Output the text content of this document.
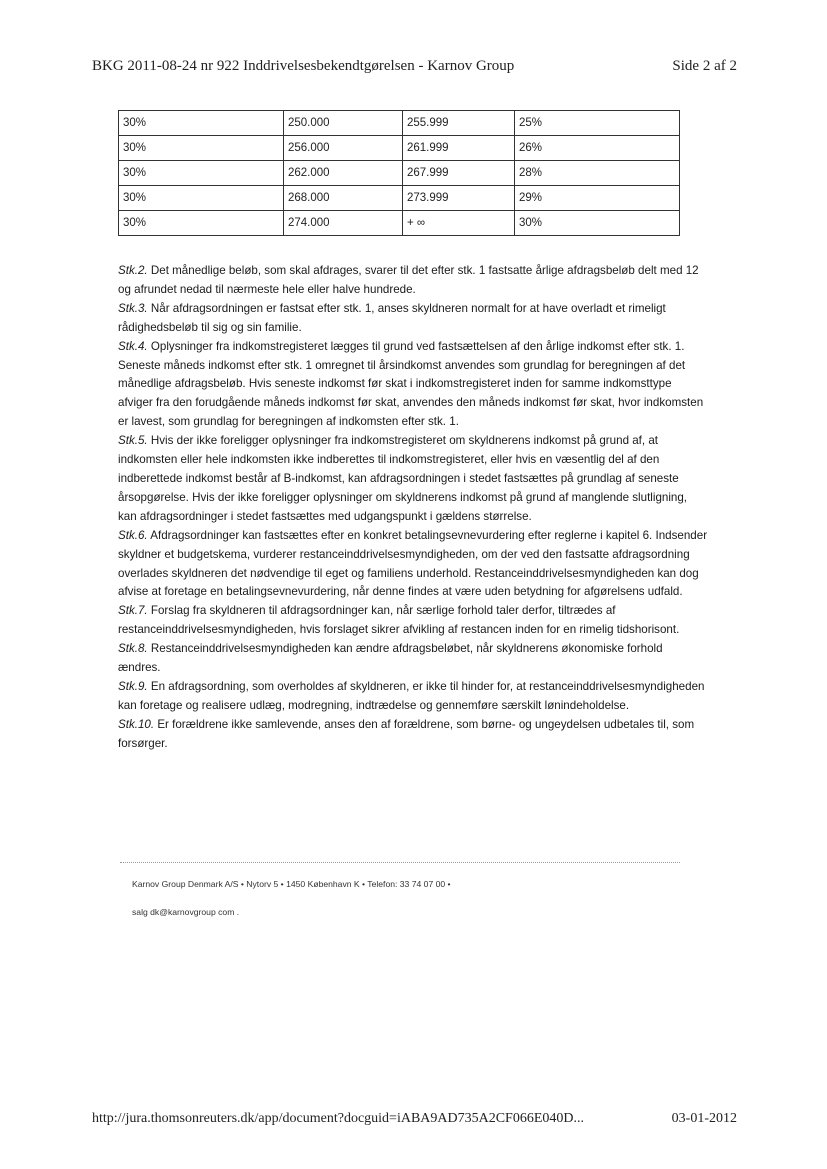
BKG 2011-08-24 nr 922 Inddrivelsesbekendtgørelsen - Karnov Group	Side 2 af 2
30%	250.000	255.999	25%
30%	256.000	261.999	26%
30%	262.000	267.999	28%
30%	268.000	273.999	29%
30%	274.000	+ ∞	30%

Stk.2. Det månedlige beløb, som skal afdrages, svarer til det efter stk. 1 fastsatte årlige afdragsbeløb delt med 12 og afrundet nedad til nærmeste hele eller halve hundrede.

Stk.3. Når afdragsordningen er fastsat efter stk. 1, anses skyldneren normalt for at have overladt et rimeligt rådighedsbeløb til sig og sin familie.

Stk.4. Oplysninger fra indkomstregisteret lægges til grund ved fastsættelsen af den årlige indkomst efter stk. 1. Seneste måneds indkomst efter stk. 1 omregnet til årsindkomst anvendes som grundlag for beregningen af det månedlige afdragsbeløb. Hvis seneste indkomst før skat i indkomstregisteret inden for samme indkomsttype afviger fra den forudgående måneds indkomst før skat, anvendes den måneds indkomst før skat, hvor indkomsten er lavest, som grundlag for beregningen af indkomsten efter stk. 1.

Stk.5. Hvis der ikke foreligger oplysninger fra indkomstregisteret om skyldnerens indkomst på grund af, at indkomsten eller hele indkomsten ikke indberettes til indkomstregisteret, eller hvis en væsentlig del af den indberettede indkomst består af B-indkomst, kan afdragsordningen i stedet fastsættes på grundlag af seneste årsopgørelse. Hvis der ikke foreligger oplysninger om skyldnerens indkomst på grund af manglende slutligning, kan afdragsordninger i stedet fastsættes med udgangspunkt i gældens størrelse.

Stk.6. Afdragsordninger kan fastsættes efter en konkret betalingsevnevurdering efter reglerne i kapitel 6. Indsender skyldner et budgetskema, vurderer restanceinddrivelsesmyndigheden, om der ved den fastsatte afdragsordning overlades skyldneren det nødvendige til eget og familiens underhold. Restanceinddrivelsesmyndigheden kan dog afvise at foretage en betalingsevnevurdering, når denne findes at være uden betydning for afgørelsens udfald.

Stk.7. Forslag fra skyldneren til afdragsordninger kan, når særlige forhold taler derfor, tiltrædes af restanceinddrivelsesmyndigheden, hvis forslaget sikrer afvikling af restancen inden for en rimelig tidshorisont.

Stk.8. Restanceinddrivelsesmyndigheden kan ændre afdragsbeløbet, når skyldnerens økonomiske forhold ændres.

Stk.9. En afdragsordning, som overholdes af skyldneren, er ikke til hinder for, at restanceinddrivelsesmyndigheden kan foretage og realisere udlæg, modregning, indtrædelse og gennemføre særskilt lønindeholdelse.

Stk.10. Er forældrene ikke samlevende, anses den af forældrene, som børne- og ungeydelsen udbetales til, som forsørger.

Karnov Group Denmark A/S • Nytorv 5 • 1450 København K • Telefon: 33 74 07 00 •
salg dk@karnovgroup com .
http://jura.thomsonreuters.dk/app/document?docguid=iABA9AD735A2CF066E040D...	03-01-2012
